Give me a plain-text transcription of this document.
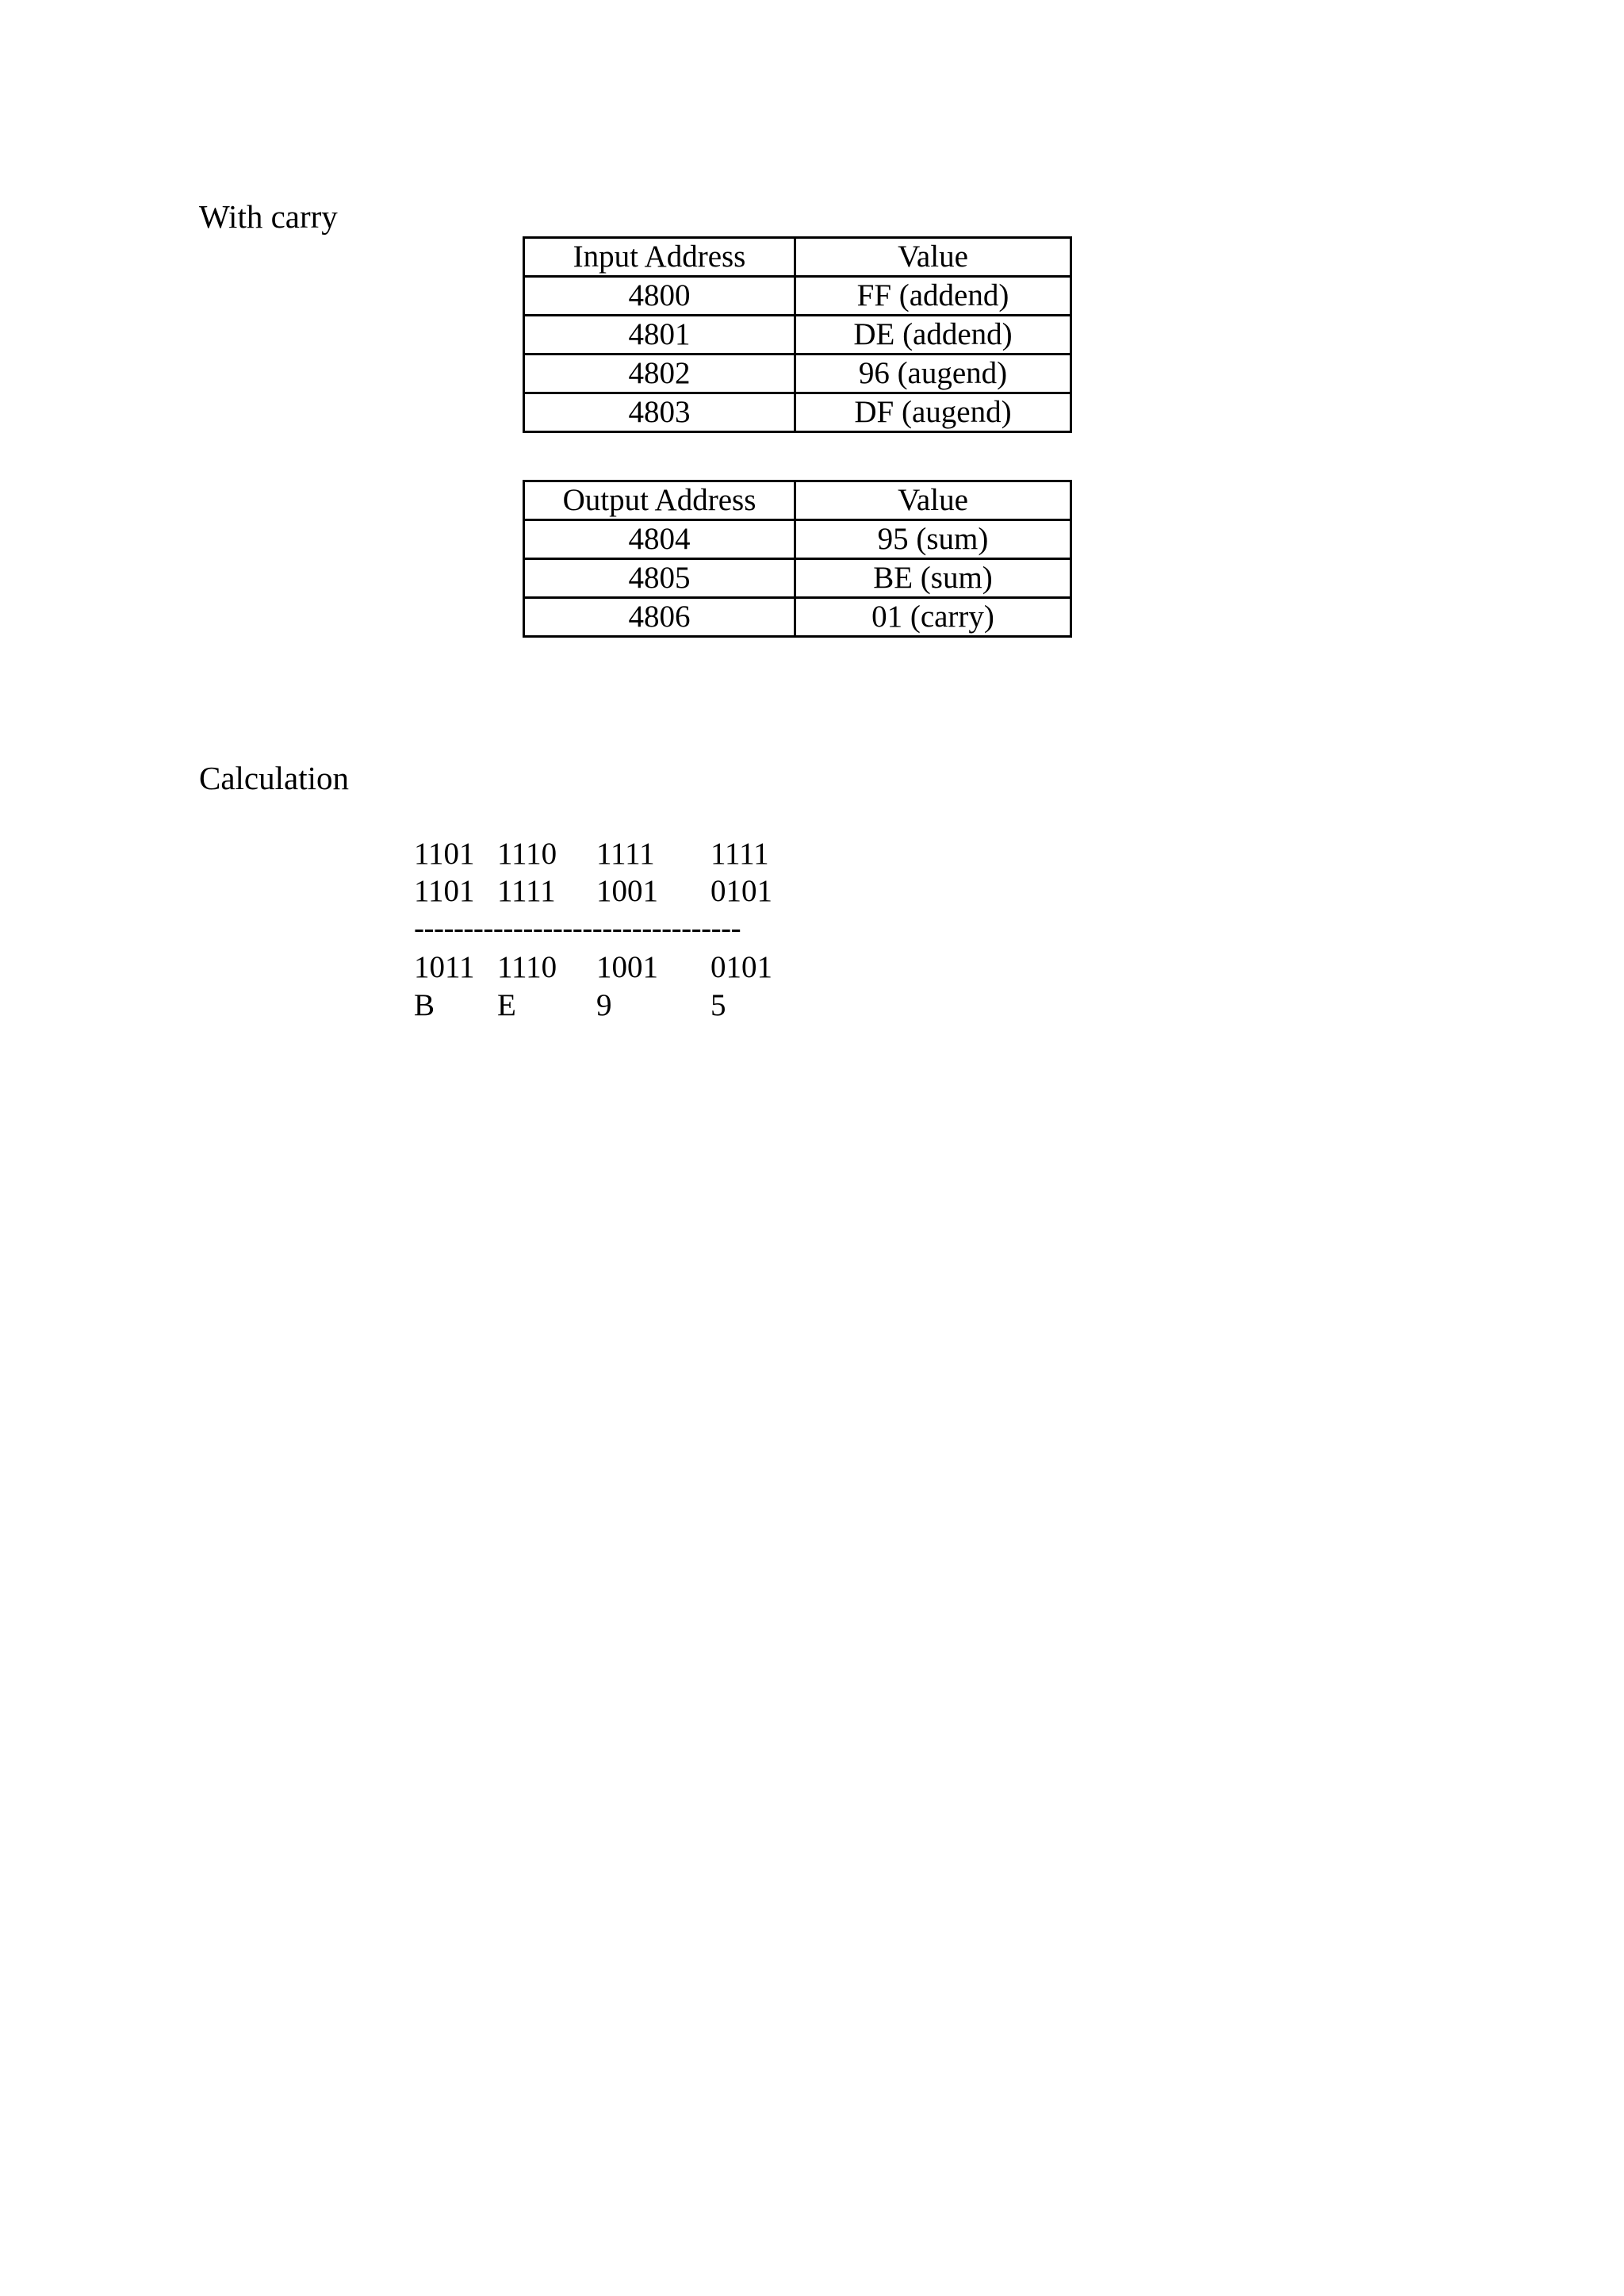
With carry
Input Address	Value
4800	FF (addend)
4801	DE (addend)
4802	96 (augend)
4803	DF (augend)
Output Address	Value
4804	95 (sum)
4805	BE (sum)
4806	01 (carry)
Calculation
1101 1110 1111 1111
1101 1111 1001 0101
---------------------------------
1011 1110 1001 0101
B E	9	5
